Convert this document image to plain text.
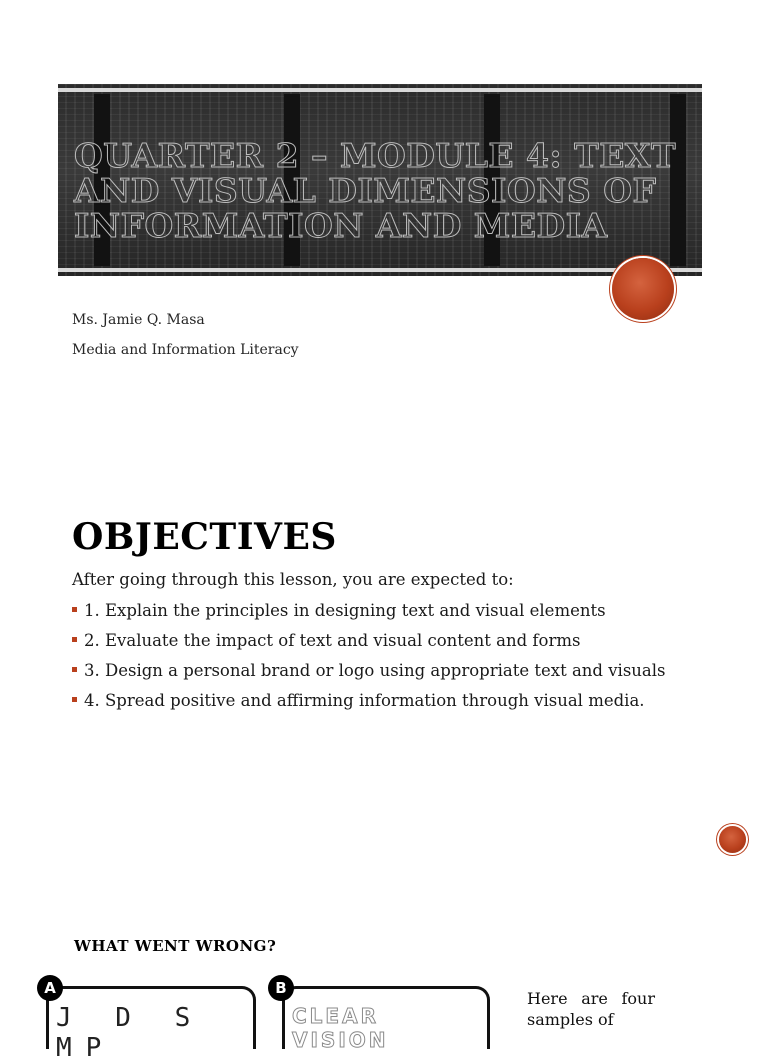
QUARTER 2 – MODULE 4: TEXT AND VISUAL DIMENSIONS OF INFORMATION AND MEDIA

Ms. Jamie Q. Masa

Media and Information Literacy

OBJECTIVES

After going through this lesson, you are expected to:

1. Explain the principles in designing text and visual elements
2. Evaluate the impact of text and visual content and forms
3. Design a personal brand or logo using appropriate text and visuals
4. Spread positive and affirming information through visual media.
WHAT WENT WRONG?
A

J D S MP

B

CLEAR VISION

Here are four samples of
